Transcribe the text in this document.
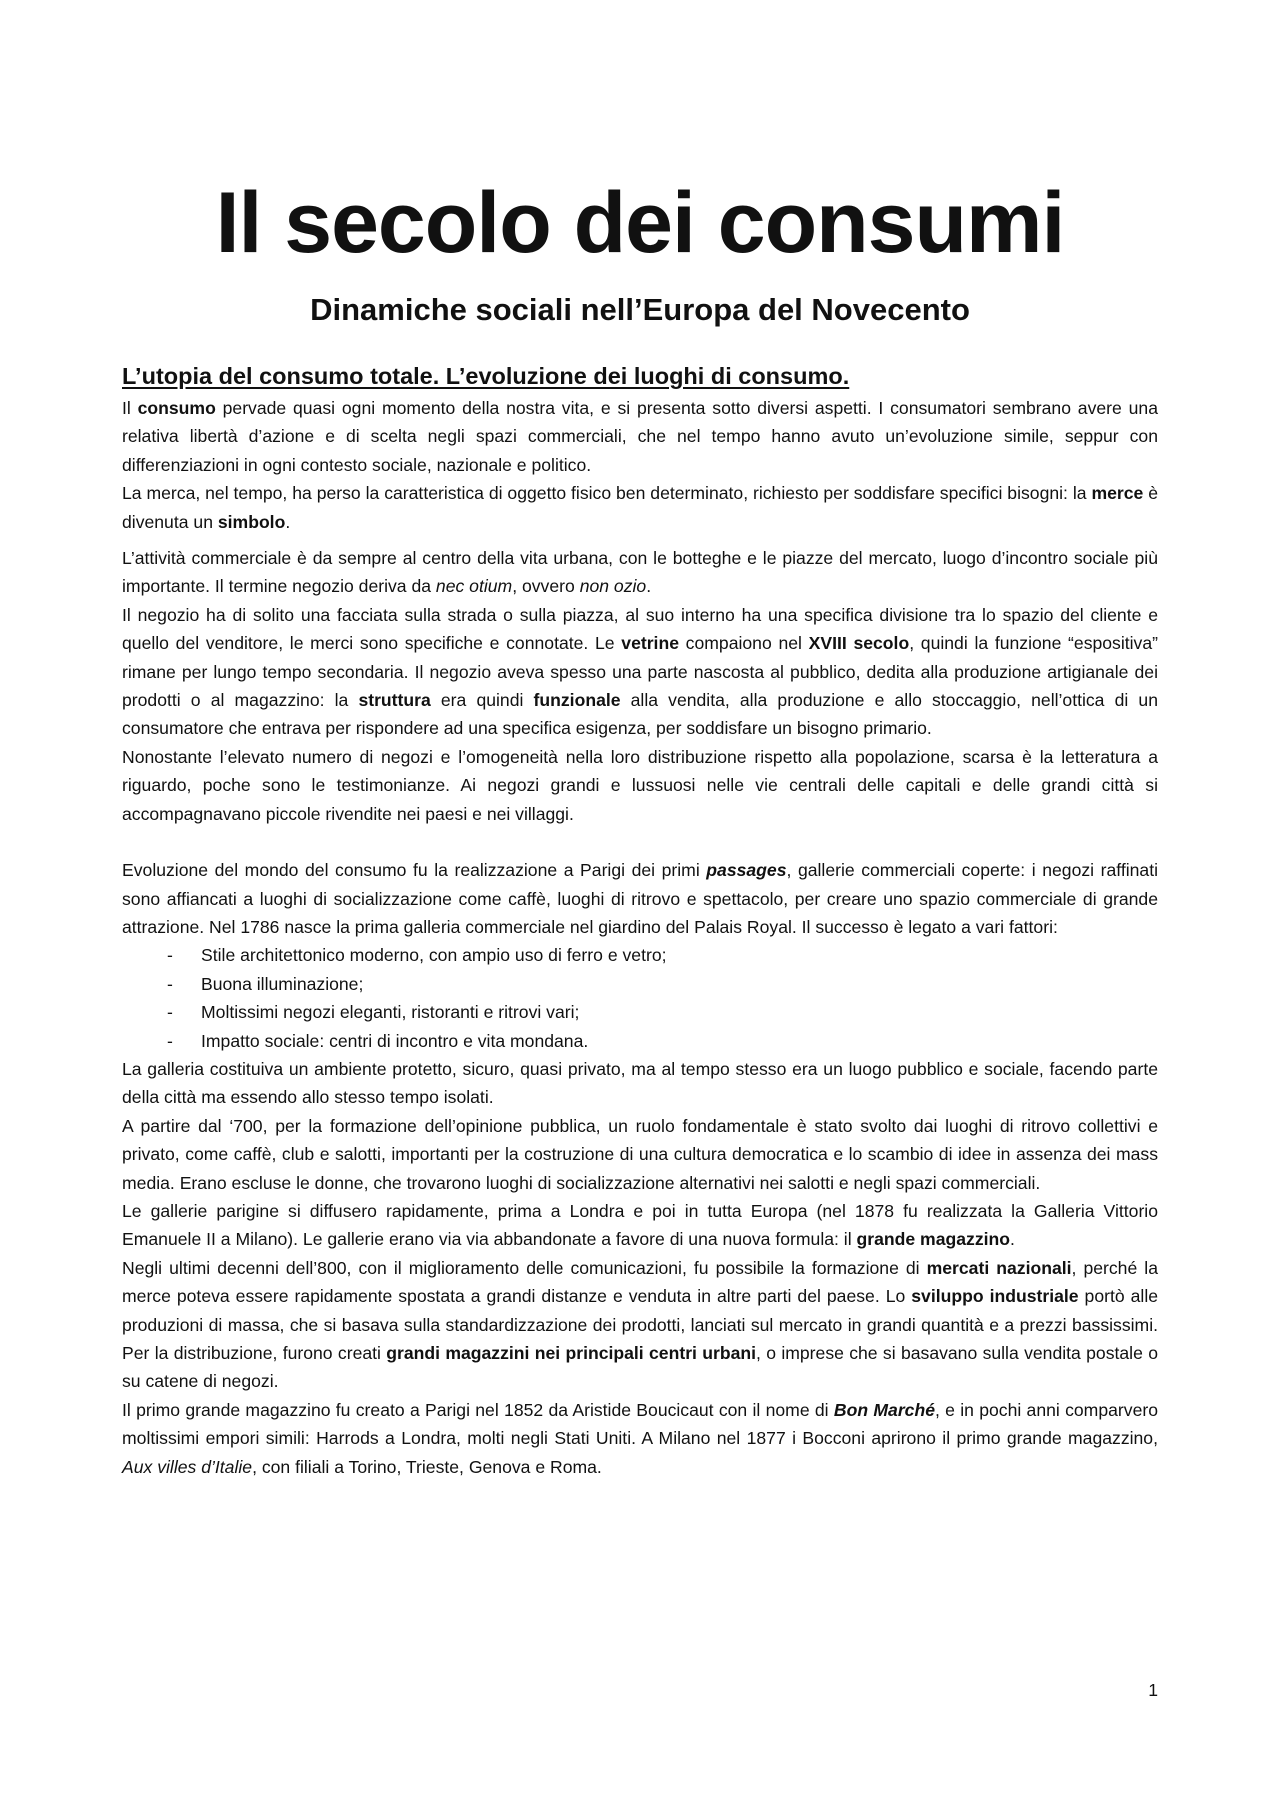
Il secolo dei consumi
Dinamiche sociali nell’Europa del Novecento
L’utopia del consumo totale. L’evoluzione dei luoghi di consumo.

Il consumo pervade quasi ogni momento della nostra vita, e si presenta sotto diversi aspetti. I consumatori sembrano avere una relativa libertà d’azione e di scelta negli spazi commerciali, che nel tempo hanno avuto un’evoluzione simile, seppur con differenziazioni in ogni contesto sociale, nazionale e politico.

La merca, nel tempo, ha perso la caratteristica di oggetto fisico ben determinato, richiesto per soddisfare specifici bisogni: la merce è divenuta un simbolo.

L’attività commerciale è da sempre al centro della vita urbana, con le botteghe e le piazze del mercato, luogo d’incontro sociale più importante. Il termine negozio deriva da nec otium, ovvero non ozio.

Il negozio ha di solito una facciata sulla strada o sulla piazza, al suo interno ha una specifica divisione tra lo spazio del cliente e quello del venditore, le merci sono specifiche e connotate. Le vetrine compaiono nel XVIII secolo, quindi la funzione “espositiva” rimane per lungo tempo secondaria. Il negozio aveva spesso una parte nascosta al pubblico, dedita alla produzione artigianale dei prodotti o al magazzino: la struttura era quindi funzionale alla vendita, alla produzione e allo stoccaggio, nell’ottica di un consumatore che entrava per rispondere ad una specifica esigenza, per soddisfare un bisogno primario.

Nonostante l’elevato numero di negozi e l’omogeneità nella loro distribuzione rispetto alla popolazione, scarsa è la letteratura a riguardo, poche sono le testimonianze. Ai negozi grandi e lussuosi nelle vie centrali delle capitali e delle grandi città si accompagnavano piccole rivendite nei paesi e nei villaggi.

Evoluzione del mondo del consumo fu la realizzazione a Parigi dei primi passages, gallerie commerciali coperte: i negozi raffinati sono affiancati a luoghi di socializzazione come caffè, luoghi di ritrovo e spettacolo, per creare uno spazio commerciale di grande attrazione. Nel 1786 nasce la prima galleria commerciale nel giardino del Palais Royal. Il successo è legato a vari fattori:

- Stile architettonico moderno, con ampio uso di ferro e vetro;
- Buona illuminazione;
- Moltissimi negozi eleganti, ristoranti e ritrovi vari;
- Impatto sociale: centri di incontro e vita mondana.

La galleria costituiva un ambiente protetto, sicuro, quasi privato, ma al tempo stesso era un luogo pubblico e sociale, facendo parte della città ma essendo allo stesso tempo isolati.

A partire dal ‘700, per la formazione dell’opinione pubblica, un ruolo fondamentale è stato svolto dai luoghi di ritrovo collettivi e privato, come caffè, club e salotti, importanti per la costruzione di una cultura democratica e lo scambio di idee in assenza dei mass media. Erano escluse le donne, che trovarono luoghi di socializzazione alternativi nei salotti e negli spazi commerciali.

Le gallerie parigine si diffusero rapidamente, prima a Londra e poi in tutta Europa (nel 1878 fu realizzata la Galleria Vittorio Emanuele II a Milano). Le gallerie erano via via abbandonate a favore di una nuova formula: il grande magazzino.

Negli ultimi decenni dell’800, con il miglioramento delle comunicazioni, fu possibile la formazione di mercati nazionali, perché la merce poteva essere rapidamente spostata a grandi distanze e venduta in altre parti del paese. Lo sviluppo industriale portò alle produzioni di massa, che si basava sulla standardizzazione dei prodotti, lanciati sul mercato in grandi quantità e a prezzi bassissimi. Per la distribuzione, furono creati grandi magazzini nei principali centri urbani, o imprese che si basavano sulla vendita postale o su catene di negozi.

Il primo grande magazzino fu creato a Parigi nel 1852 da Aristide Boucicaut con il nome di Bon Marché, e in pochi anni comparvero moltissimi empori simili: Harrods a Londra, molti negli Stati Uniti. A Milano nel 1877 i Bocconi aprirono il primo grande magazzino, Aux villes d’Italie, con filiali a Torino, Trieste, Genova e Roma.

1
